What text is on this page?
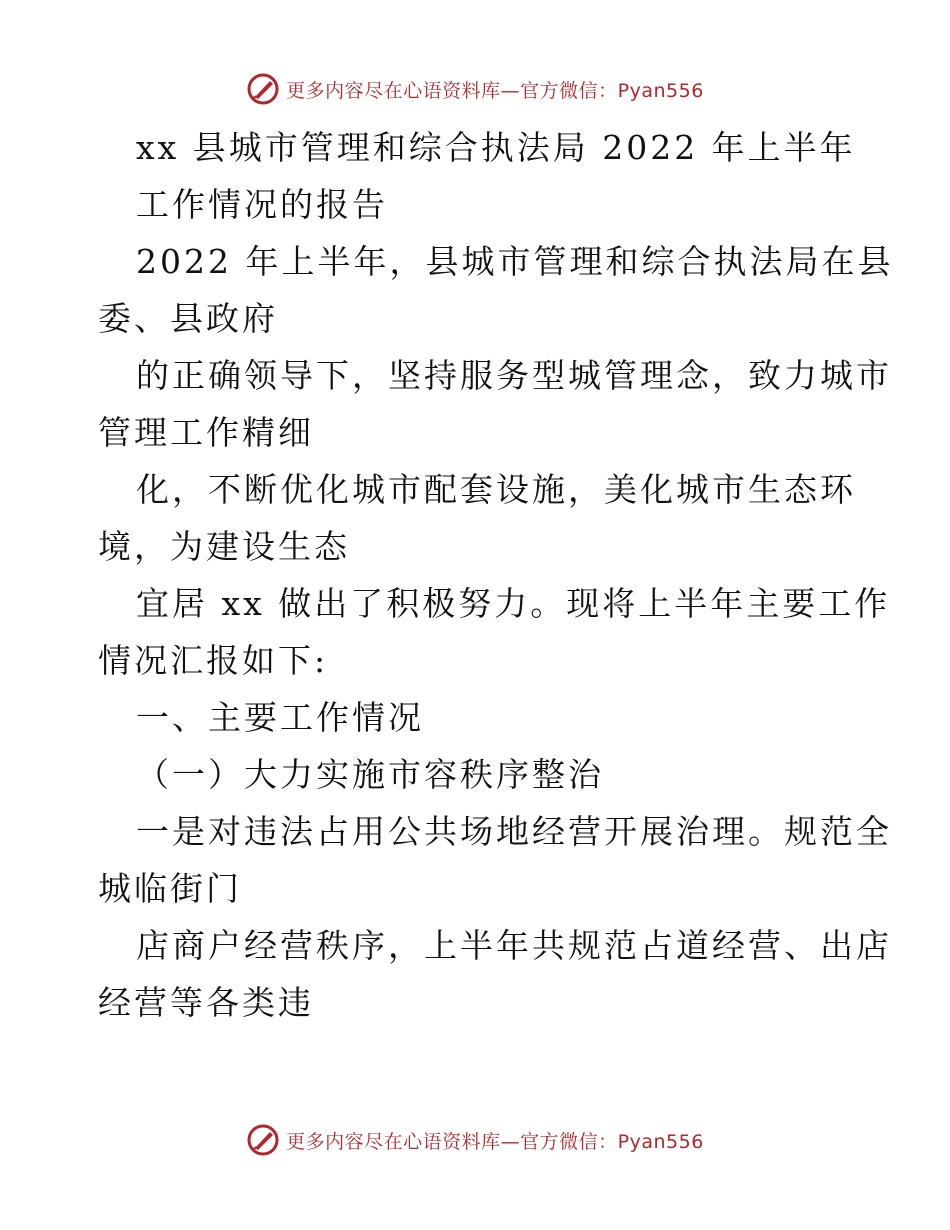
更多内容尽在心语资料库—官方微信：Pyan556

xx 县城市管理和综合执法局 2022 年上半年

工作情况的报告

2022 年上半年，县城市管理和综合执法局在县

委、县政府

的正确领导下，坚持服务型城管理念，致力城市

管理工作精细

化，不断优化城市配套设施，美化城市生态环

境，为建设生态

宜居 xx 做出了积极努力。现将上半年主要工作

情况汇报如下:

一、主要工作情况

（一）大力实施市容秩序整治

一是对违法占用公共场地经营开展治理。规范全

城临街门

店商户经营秩序，上半年共规范占道经营、出店

经营等各类违

更多内容尽在心语资料库—官方微信：Pyan556
